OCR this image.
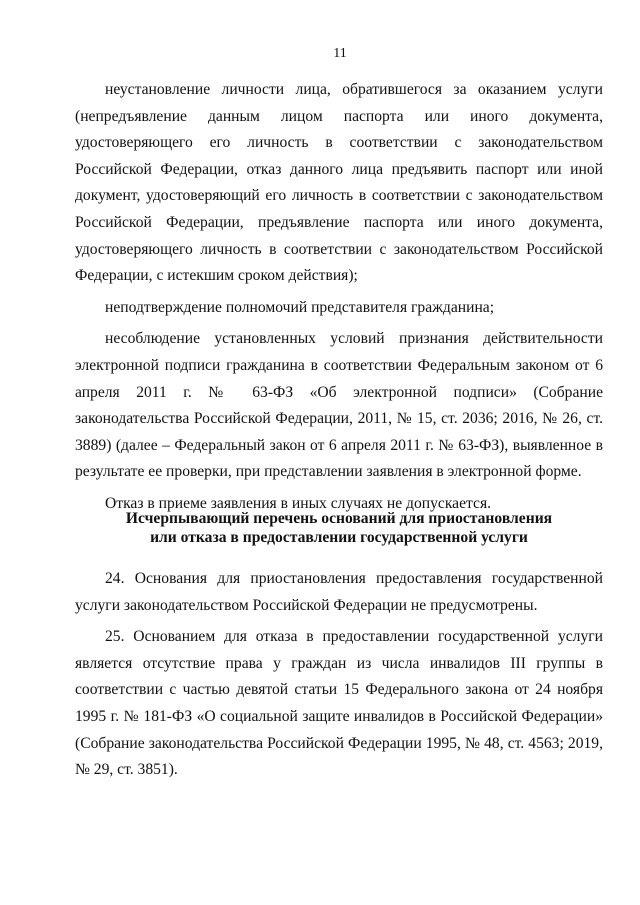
11

неустановление личности лица, обратившегося за оказанием услуги (непредъявление данным лицом паспорта или иного документа, удостоверяющего его личность в соответствии с законодательством Российской Федерации, отказ данного лица предъявить паспорт или иной документ, удостоверяющий его личность в соответствии с законодательством Российской Федерации, предъявление паспорта или иного документа, удостоверяющего личность в соответствии с законодательством Российской Федерации, с истекшим сроком действия);

неподтверждение полномочий представителя гражданина;

несоблюдение установленных условий признания действительности электронной подписи гражданина в соответствии Федеральным законом от 6 апреля 2011 г. № 63-ФЗ «Об электронной подписи» (Собрание законодательства Российской Федерации, 2011, № 15, ст. 2036; 2016, № 26, ст. 3889) (далее – Федеральный закон от 6 апреля 2011 г. № 63-ФЗ), выявленное в результате ее проверки, при представлении заявления в электронной форме.

Отказ в приеме заявления в иных случаях не допускается.

Исчерпывающий перечень оснований для приостановления
или отказа в предоставлении государственной услуги

24. Основания для приостановления предоставления государственной услуги законодательством Российской Федерации не предусмотрены.

25. Основанием для отказа в предоставлении государственной услуги является отсутствие права у граждан из числа инвалидов III группы в соответствии с частью девятой статьи 15 Федерального закона от 24 ноября 1995 г. № 181-ФЗ «О социальной защите инвалидов в Российской Федерации» (Собрание законодательства Российской Федерации 1995, № 48, ст. 4563; 2019, № 29, ст. 3851).
